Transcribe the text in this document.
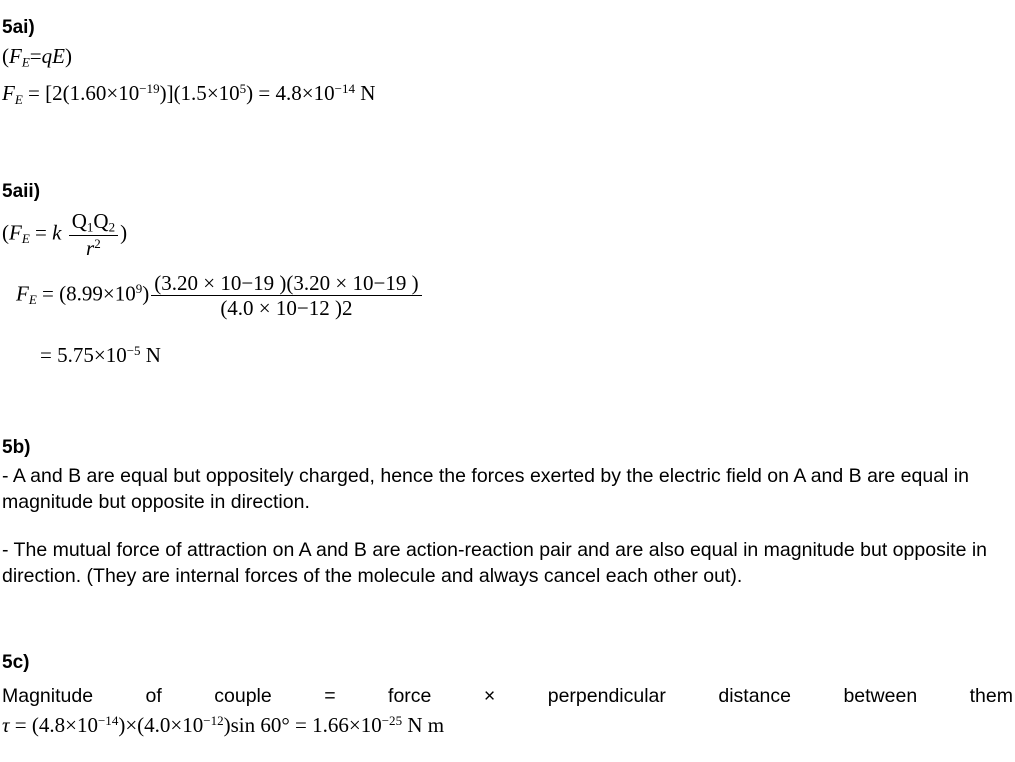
5ai)
$(F_E=qE)$
$F_E = [2(1.60\times 10^{-19})](1.5\times 10^5) = 4.8\times 10^{-14}$ N
5aii)
($F_E = k \frac{Q_1Q_2}{r^2}$ )
$F_E = (8.99\times 10^9) \frac{(3.20 \times 10-19 )(3.20 \times 10-19 )}{(4.0 \times 10-12 )2}$
= $5.75\times 10^{-5}$ N
5b)

- A and B are equal but oppositely charged, hence the forces exerted by the electric field on A and B are equal in magnitude but opposite in direction.

- The mutual force of attraction on A and B are action-reaction pair and are also equal in magnitude but opposite in direction. (They are internal forces of the molecule and always cancel each other out).

5c)

Magnitude of couple = force × perpendicular distance between them

$\tau = (4.8\times 10^{-14})\times(4.0\times 10^{-12})\sin$ $60^\circ = 1.66\times 10^{-25}$ N m
